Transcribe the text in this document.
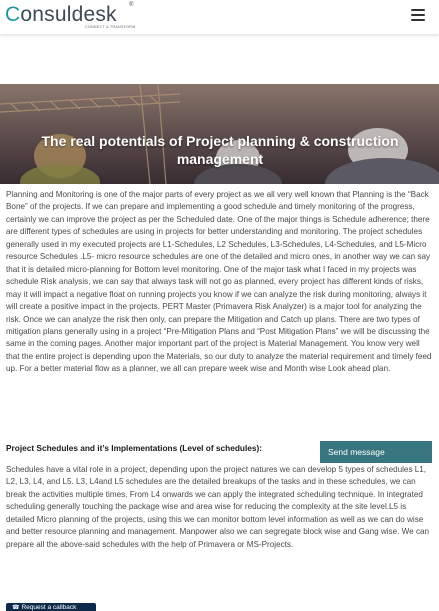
Consuldesk ®
CONNECT & TRANSFORM
The real potentials of Project planning & construction management

Planning and Monitoring is one of the major parts of every project as we all very well known that Planning is the “Back Bone” of the projects. If we can prepare and implementing a good schedule and timely monitoring of the progress, certainly we can improve the project as per the Scheduled date. One of the major things is Schedule adherence; there are different types of schedules are using in projects for better understanding and monitoring. The project schedules generally used in my executed projects are L1-Schedules, L2 Schedules, L3-Schedules, L4-Schedules, and L5-Micro resource Schedules .L5- micro resource schedules are one of the detailed and micro ones, in another way we can say that it is detailed micro-planning for Bottom level monitoring. One of the major task what I faced in my projects was schedule Risk analysis, we can say that always task will not go as planned, every project has different kinds of risks, may it will impact a negative float on running projects you know if we can analyze the risk during monitoring, always it will create a positive impact in the projects. PERT Master (Primavera Risk Analyzer) is a major tool for analyzing the risk. Once we can analyze the risk then only, can prepare the Mitigation and Catch up plans. There are two types of mitigation plans generally using in a project “Pre-Mitigation Plans and “Post Mitigation Plans” we will be discussing the same in the coming pages. Another major important part of the project is Material Management. You know very well that the entire project is depending upon the Materials, so our duty to analyze the material requirement and timely feed up. For a better material flow as a planner, we all can prepare week wise and Month wise Look ahead plan.

Project Schedules and it’s Implementations (Level of schedules):

Schedules have a vital role in a project, depending upon the project natures we can develop 5 types of schedules L1, L2, L3, L4, and L5. L3, L4and L5 schedules are the detailed breakups of the tasks and in these schedules, we can break the activities multiple times. From L4 onwards we can apply the integrated scheduling technique. In integrated scheduling generally touching the package wise and area wise for reducing the complexity at the site level.L5 is detailed Micro planning of the projects, using this we can monitor bottom level information as well as we can do wise and better resource planning and management. Manpower also we can segregate block wise and Gang wise. We can prepare all the above-said schedules with the help of Primavera or MS-Projects.

Send message
☎ Request a callback
